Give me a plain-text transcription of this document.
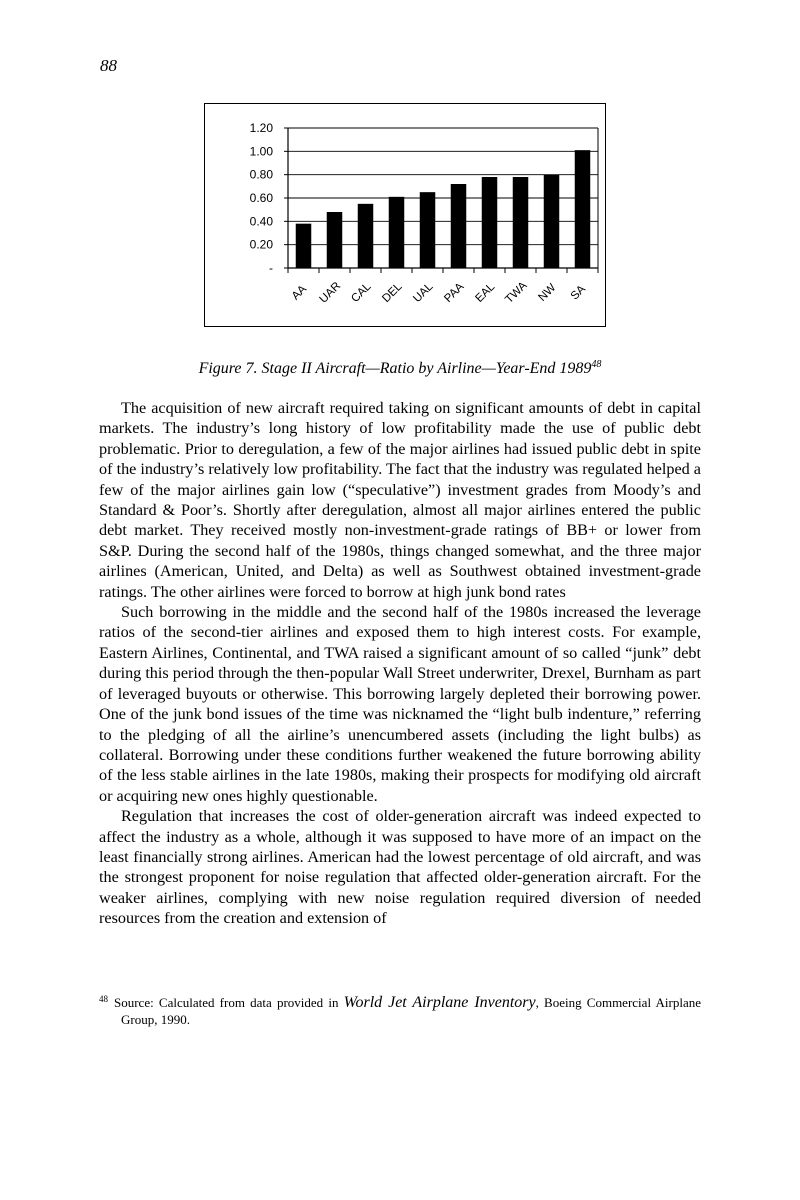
88
-
0.20
0.40
0.60
0.80
1.00
1.20
AA UAR CAL DEL UAL PAA EAL TWA NW SA
Figure 7. Stage II Aircraft—Ratio by Airline—Year-End 1989$^{48}$

The acquisition of new aircraft required taking on significant amounts of debt in capital markets. The industry’s long history of low profitability made the use of public debt problematic. Prior to deregulation, a few of the major airlines had issued public debt in spite of the industry’s relatively low profitability. The fact that the industry was regulated helped a few of the major airlines gain low (“speculative”) investment grades from Moody’s and Standard & Poor’s. Shortly after deregulation, almost all major airlines entered the public debt market. They received mostly non-investment-grade ratings of BB+ or lower from S&P. During the second half of the 1980s, things changed somewhat, and the three major airlines (American, United, and Delta) as well as Southwest obtained investment-grade ratings. The other airlines were forced to borrow at high junk bond rates

Such borrowing in the middle and the second half of the 1980s increased the leverage ratios of the second-tier airlines and exposed them to high interest costs. For example, Eastern Airlines, Continental, and TWA raised a significant amount of so called “junk” debt during this period through the then-popular Wall Street underwriter, Drexel, Burnham as part of leveraged buyouts or otherwise. This borrowing largely depleted their borrowing power. One of the junk bond issues of the time was nicknamed the “light bulb indenture,” referring to the pledging of all the airline’s unencumbered assets (including the light bulbs) as collateral. Borrowing under these conditions further weakened the future borrowing ability of the less stable airlines in the late 1980s, making their prospects for modifying old aircraft or acquiring new ones highly questionable.

Regulation that increases the cost of older-generation aircraft was indeed expected to affect the industry as a whole, although it was supposed to have more of an impact on the least financially strong airlines. American had the lowest percentage of old aircraft, and was the strongest proponent for noise regulation that affected older-generation aircraft. For the weaker airlines, complying with new noise regulation required diversion of needed resources from the creation and extension of

$^{48}$ Source: Calculated from data provided in World Jet Airplane Inventory, Boeing Commercial Airplane Group, 1990.
